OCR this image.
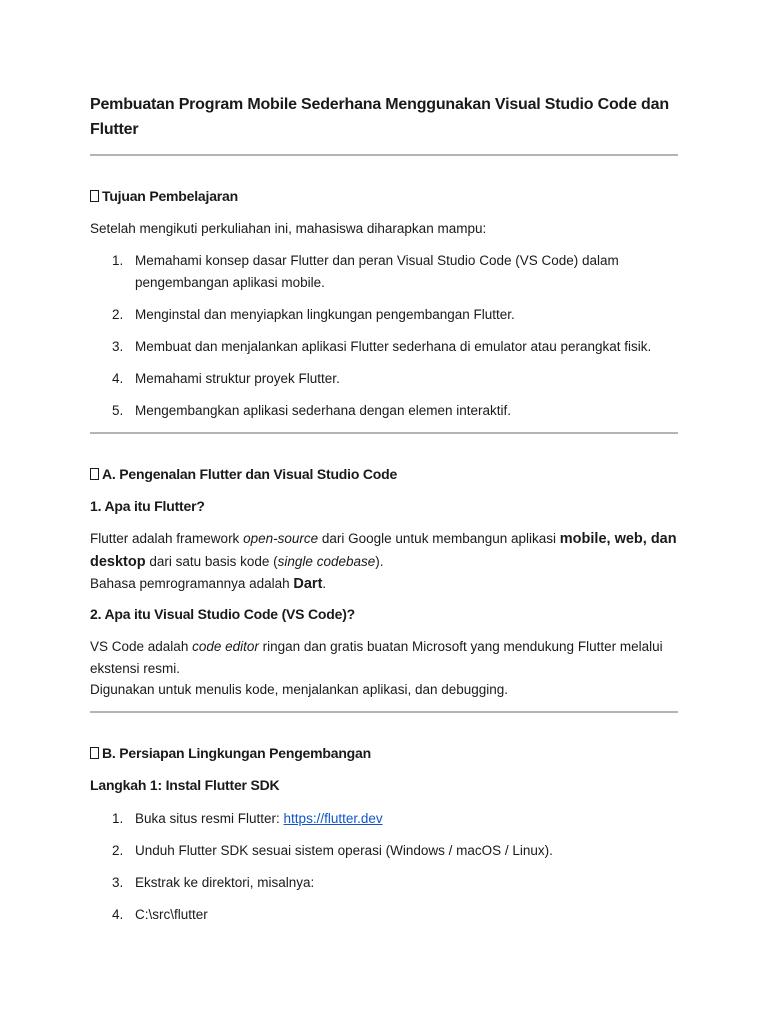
Pembuatan Program Mobile Sederhana Menggunakan Visual Studio Code dan Flutter
Tujuan Pembelajaran
Setelah mengikuti perkuliahan ini, mahasiswa diharapkan mampu:
1. Memahami konsep dasar Flutter dan peran Visual Studio Code (VS Code) dalam pengembangan aplikasi mobile.
2. Menginstal dan menyiapkan lingkungan pengembangan Flutter.
3. Membuat dan menjalankan aplikasi Flutter sederhana di emulator atau perangkat fisik.
4. Memahami struktur proyek Flutter.
5. Mengembangkan aplikasi sederhana dengan elemen interaktif.
A. Pengenalan Flutter dan Visual Studio Code
1. Apa itu Flutter?
Flutter adalah framework open-source dari Google untuk membangun aplikasi mobile, web, dan desktop dari satu basis kode (single codebase).
Bahasa pemrogramannya adalah Dart.
2. Apa itu Visual Studio Code (VS Code)?
VS Code adalah code editor ringan dan gratis buatan Microsoft yang mendukung Flutter melalui ekstensi resmi.
Digunakan untuk menulis kode, menjalankan aplikasi, dan debugging.
B. Persiapan Lingkungan Pengembangan
Langkah 1: Instal Flutter SDK
1. Buka situs resmi Flutter: https://flutter.dev
2. Unduh Flutter SDK sesuai sistem operasi (Windows / macOS / Linux).
3. Ekstrak ke direktori, misalnya:
4. C:\src\flutter
